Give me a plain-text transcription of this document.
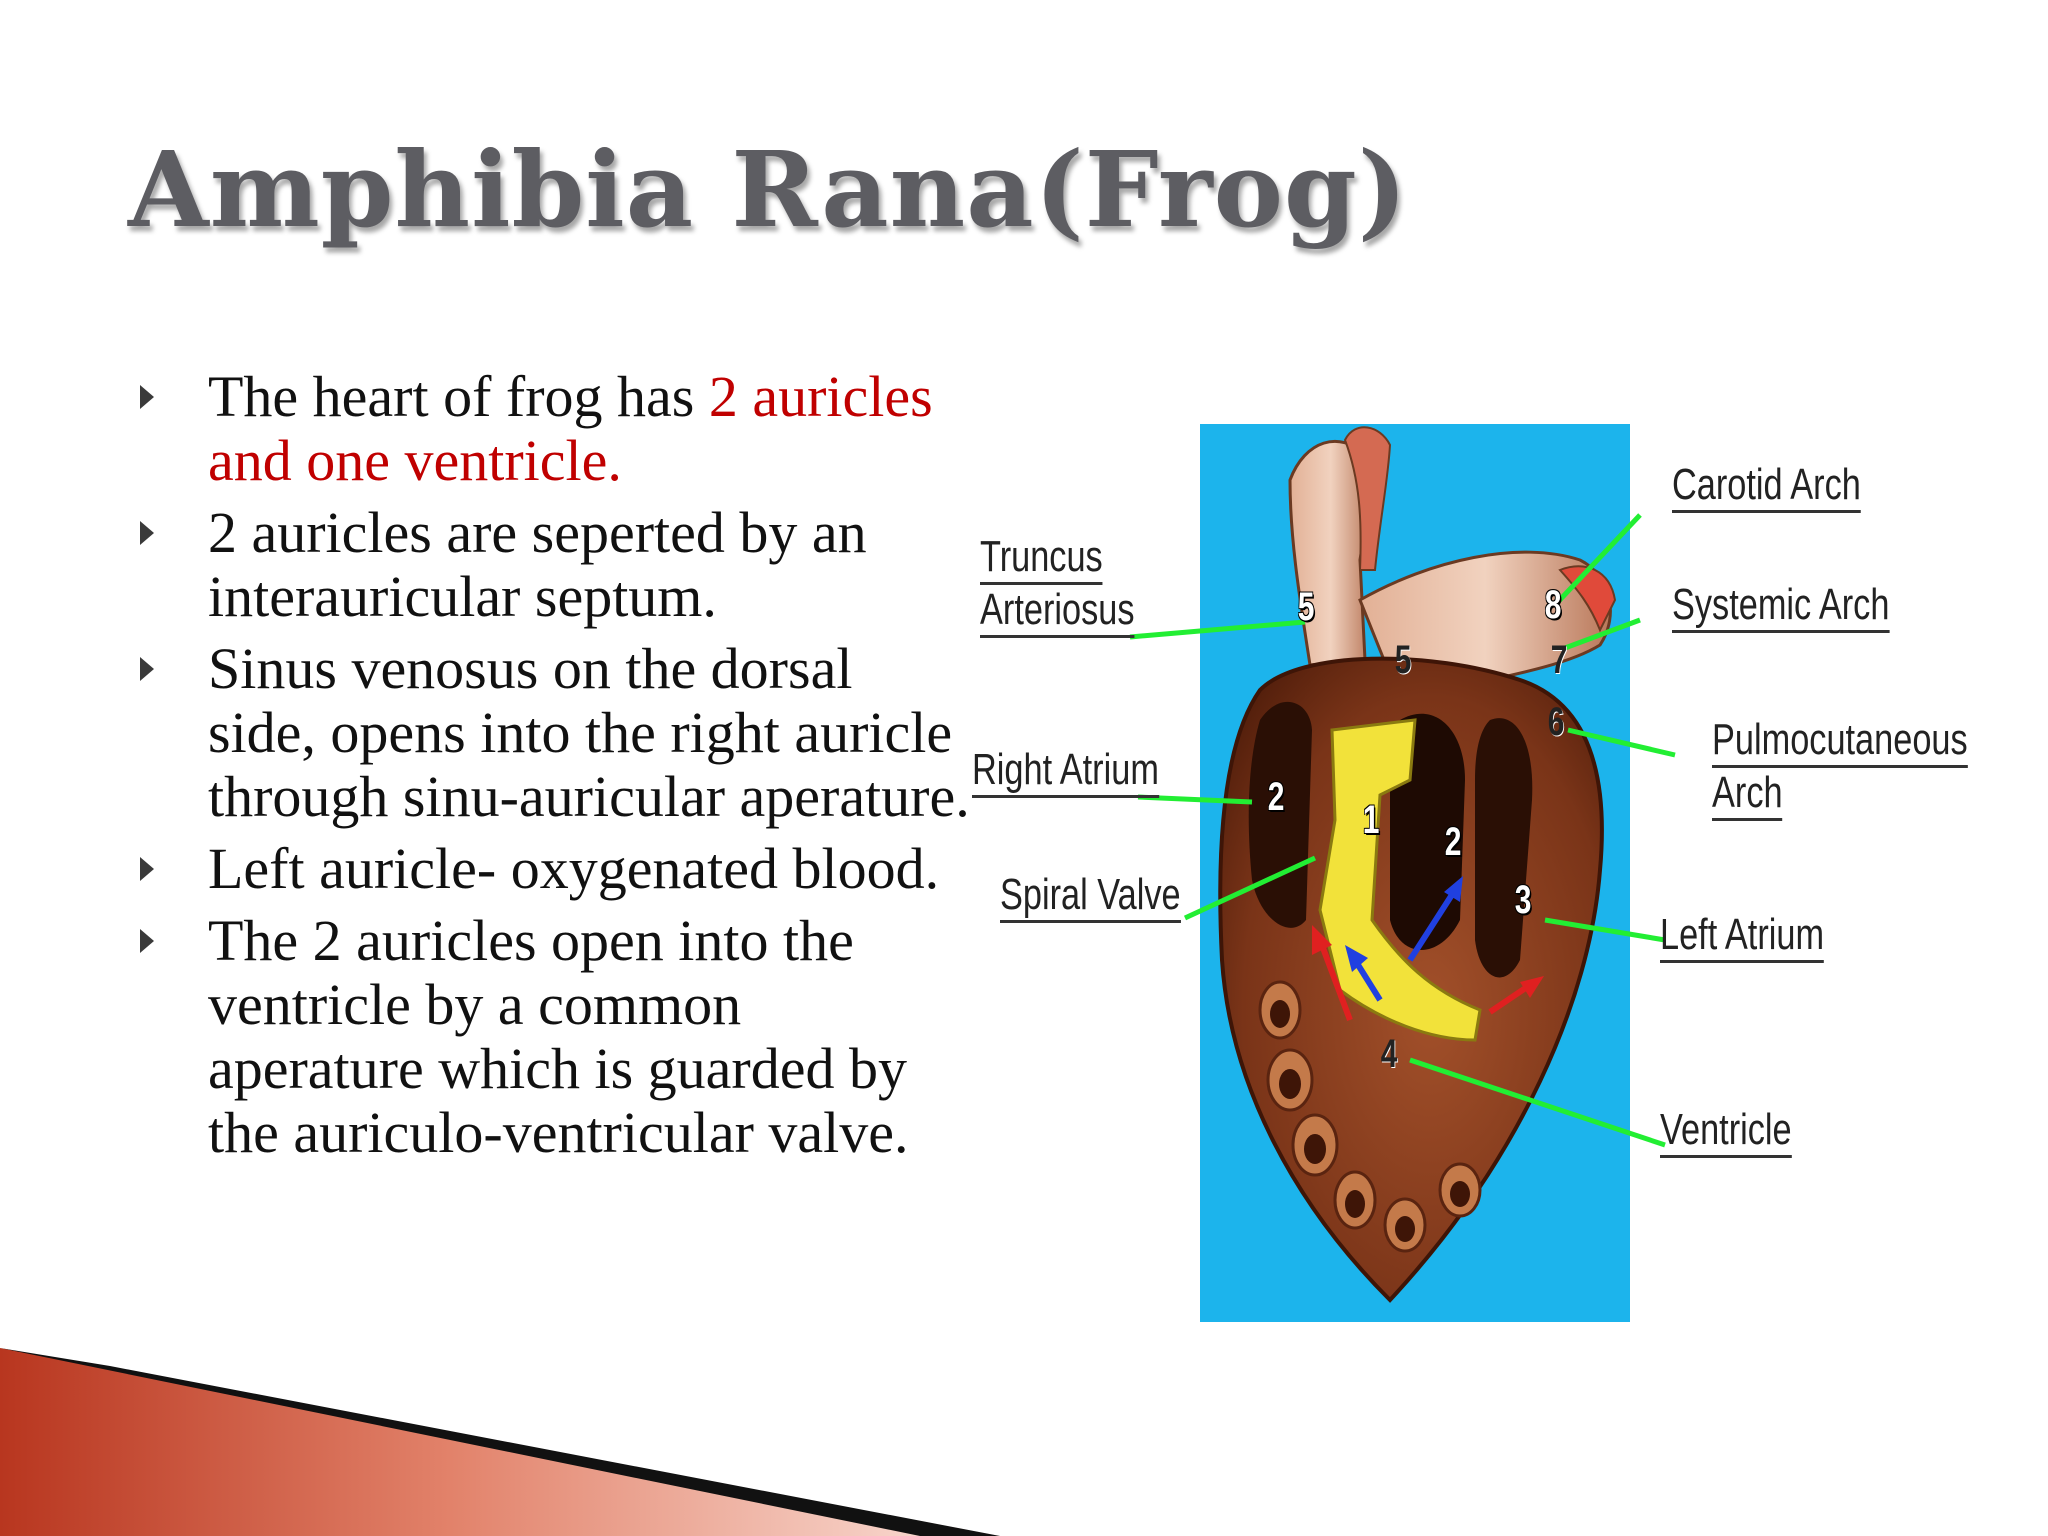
Amphibia Rana(Frog)
The heart of frog has 2 auricles and one ventricle.
2 auricles are seperted by an interauricular septum.
Sinus venosus on the dorsal side, opens into the right auricle through sinu-auricular aperature.
Left auricle- oxygenated blood.
The 2 auricles open into the ventricle by a common aperature which is guarded by the auriculo-ventricular valve.
5
5
8
7
6
2
1 2
3
4
Truncus
Arteriosus
Right Atrium
Spiral Valve
Carotid Arch
Systemic Arch
Pulmocutaneous
Arch
Left Atrium
Ventricle
